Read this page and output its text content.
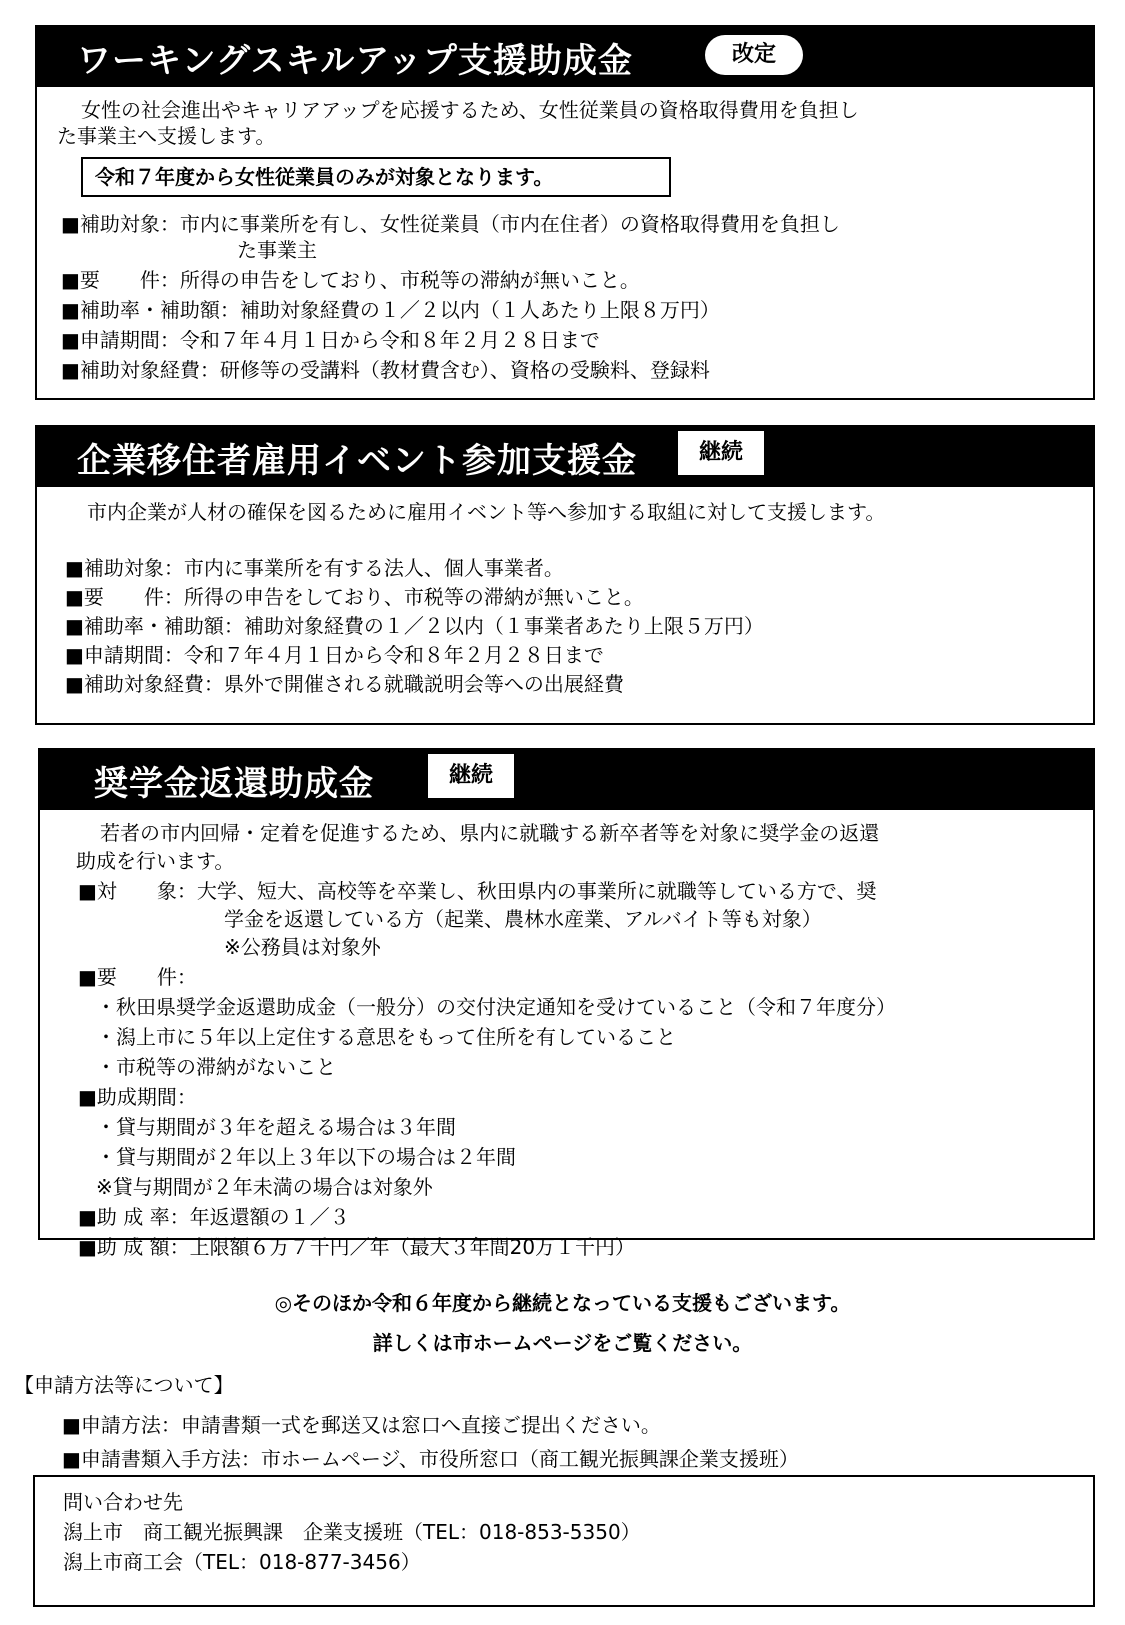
ワーキングスキルアップ支援助成金	改定
女性の社会進出やキャリアアップを応援するため、女性従業員の資格取得費用を負担し
た事業主へ支援します。
令和７年度から女性従業員のみが対象となります。
■補助対象：市内に事業所を有し、女性従業員（市内在住者）の資格取得費用を負担し
た事業主
■要　　件：所得の申告をしており、市税等の滞納が無いこと。
■補助率・補助額：補助対象経費の１／２以内（１人あたり上限８万円）
■申請期間：令和７年４月１日から令和８年２月２８日まで
■補助対象経費：研修等の受講料（教材費含む）、資格の受験料、登録料
企業移住者雇用イベント参加支援金	継続
市内企業が人材の確保を図るために雇用イベント等へ参加する取組に対して支援します。
■補助対象：市内に事業所を有する法人、個人事業者。
■要　　件：所得の申告をしており、市税等の滞納が無いこと。
■補助率・補助額：補助対象経費の１／２以内（１事業者あたり上限５万円）
■申請期間：令和７年４月１日から令和８年２月２８日まで
■補助対象経費：県外で開催される就職説明会等への出展経費
奨学金返還助成金	継続
若者の市内回帰・定着を促進するため、県内に就職する新卒者等を対象に奨学金の返還
助成を行います。
■対　　象：大学、短大、高校等を卒業し、秋田県内の事業所に就職等している方で、奨
学金を返還している方（起業、農林水産業、アルバイト等も対象）
※公務員は対象外
■要　　件：
・秋田県奨学金返還助成金（一般分）の交付決定通知を受けていること（令和７年度分）
・潟上市に５年以上定住する意思をもって住所を有していること
・市税等の滞納がないこと
■助成期間：
・貸与期間が３年を超える場合は３年間
・貸与期間が２年以上３年以下の場合は２年間
※貸与期間が２年未満の場合は対象外
■助 成 率：年返還額の１／３
■助 成 額：上限額６万７千円／年（最大３年間20万１千円）
◎そのほか令和６年度から継続となっている支援もございます。
詳しくは市ホームページをご覧ください。
【申請方法等について】
■申請方法：申請書類一式を郵送又は窓口へ直接ご提出ください。
■申請書類入手方法：市ホームページ、市役所窓口（商工観光振興課企業支援班）
問い合わせ先
潟上市　商工観光振興課　企業支援班（TEL：018-853-5350）
潟上市商工会（TEL：018-877-3456）
